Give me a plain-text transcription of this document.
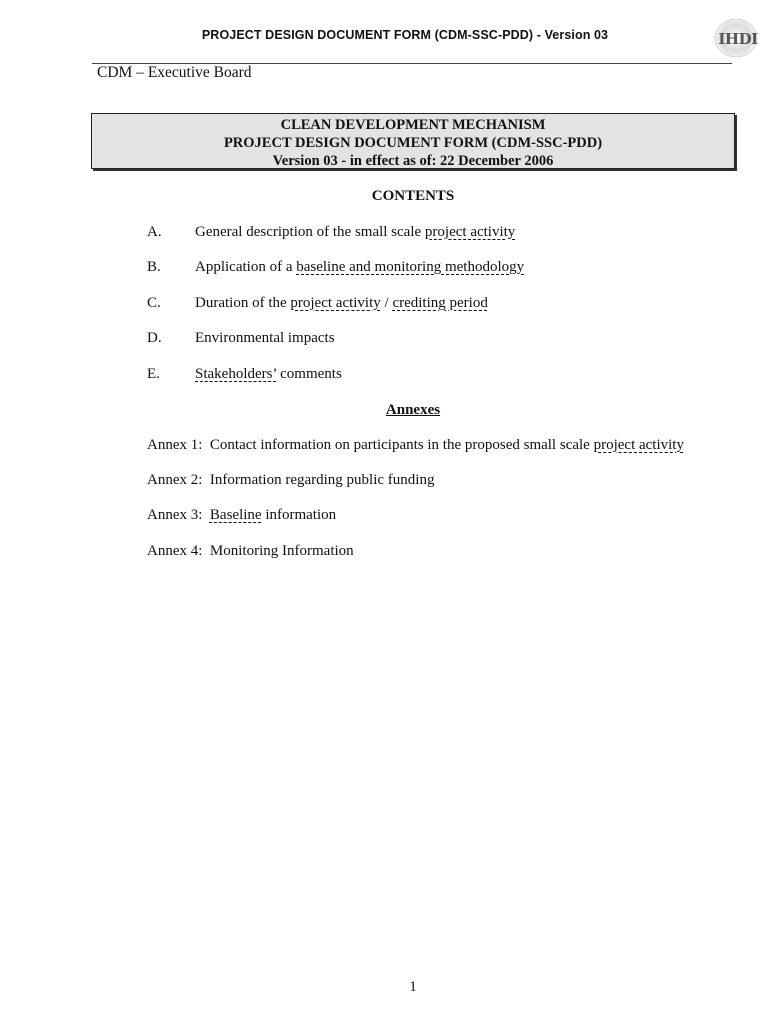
PROJECT DESIGN DOCUMENT FORM (CDM-SSC-PDD) - Version 03	IHDI
CDM – Executive Board
CLEAN DEVELOPMENT MECHANISM
PROJECT DESIGN DOCUMENT FORM (CDM-SSC-PDD)
Version 03 - in effect as of: 22 December 2006
CONTENTS
A. General description of the small scale project activity
B. Application of a baseline and monitoring methodology
C. Duration of the project activity / crediting period
D. Environmental impacts
E. Stakeholders’ comments
Annexes
Annex 1: Contact information on participants in the proposed small scale project activity
Annex 2: Information regarding public funding
Annex 3: Baseline information
Annex 4: Monitoring Information
1
